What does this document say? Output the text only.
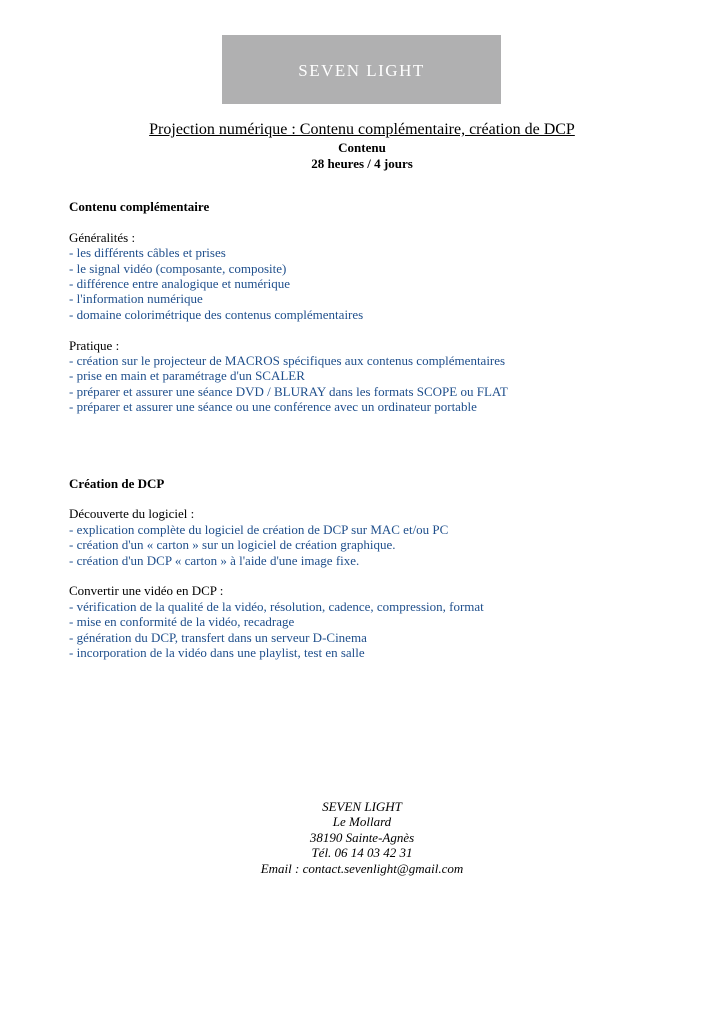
SEVEN LIGHT
Projection numérique : Contenu complémentaire, création de DCP
Contenu
28 heures / 4 jours
Contenu complémentaire
Généralités :
- les différents câbles et prises
- le signal vidéo (composante, composite)
- différence entre analogique et numérique
- l'information numérique
- domaine colorimétrique des contenus complémentaires
Pratique :
- création sur le projecteur de MACROS spécifiques aux contenus complémentaires
- prise en main et paramétrage d'un SCALER
- préparer et assurer une séance DVD / BLURAY dans les formats SCOPE ou FLAT
- préparer et assurer une séance ou une conférence avec un ordinateur portable
Création de DCP
Découverte du logiciel :
- explication complète du logiciel de création de DCP sur MAC et/ou PC
- création d'un « carton » sur un logiciel de création graphique.
- création d'un DCP « carton » à l'aide d'une image fixe.
Convertir une vidéo en DCP :
- vérification de la qualité de la vidéo, résolution, cadence, compression, format
- mise en conformité de la vidéo, recadrage
- génération du DCP, transfert dans un serveur D-Cinema
- incorporation de la vidéo dans une playlist, test en salle
SEVEN LIGHT
Le Mollard
38190 Sainte-Agnès
Tél. 06 14 03 42 31
Email : contact.sevenlight@gmail.com
